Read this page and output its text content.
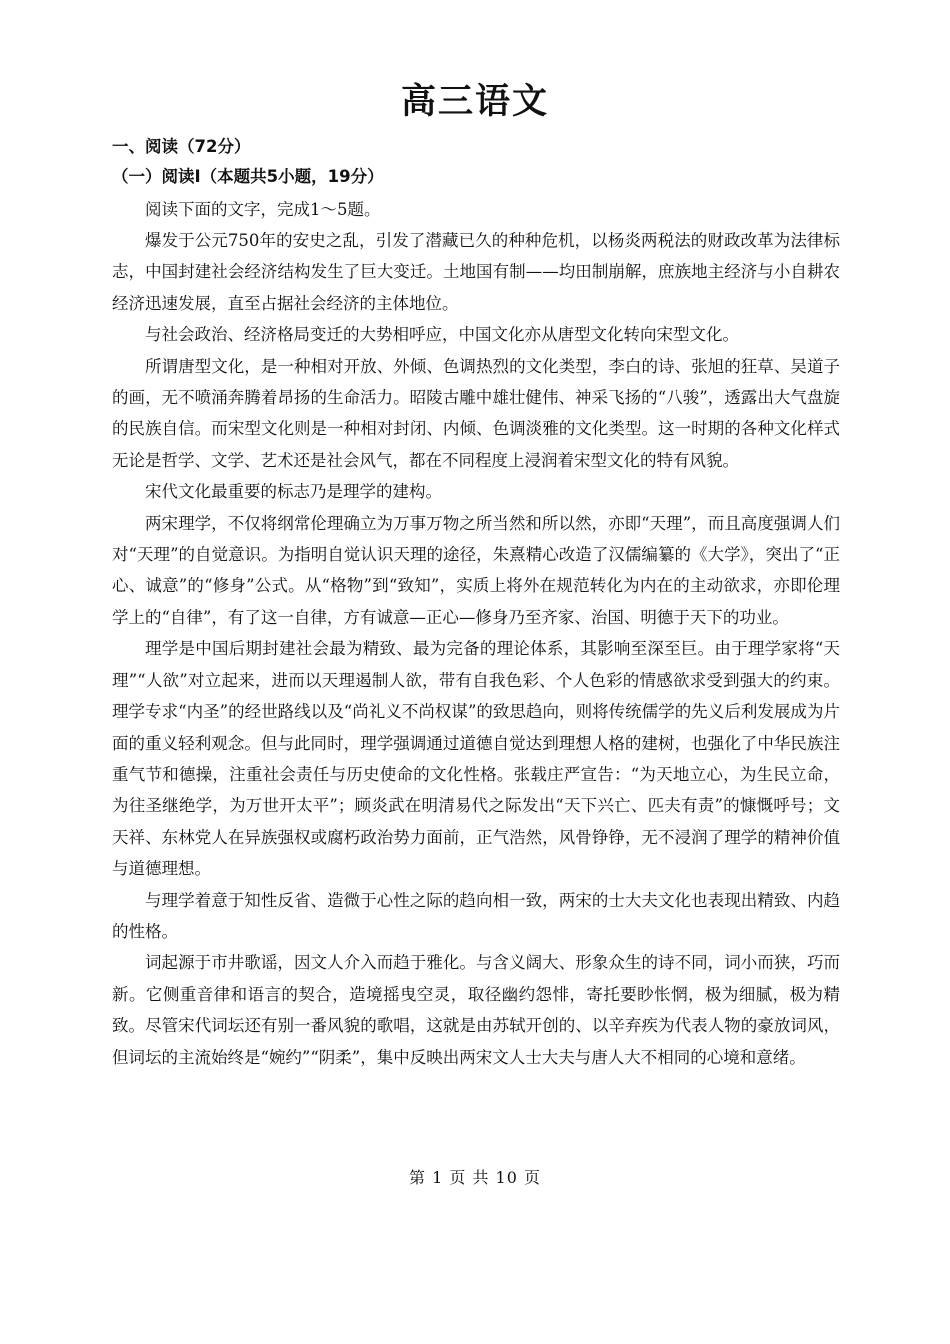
高三语文
一、阅读（72分）
（一）阅读I（本题共5小题，19分）
阅读下面的文字，完成1～5题。

爆发于公元750年的安史之乱，引发了潜藏已久的种种危机，以杨炎两税法的财政改革为法律标志，中国封建社会经济结构发生了巨大变迁。土地国有制——均田制崩解，庶族地主经济与小自耕农经济迅速发展，直至占据社会经济的主体地位。

与社会政治、经济格局变迁的大势相呼应，中国文化亦从唐型文化转向宋型文化。

所谓唐型文化，是一种相对开放、外倾、色调热烈的文化类型，李白的诗、张旭的狂草、吴道子的画，无不喷涌奔腾着昂扬的生命活力。昭陵古雕中雄壮健伟、神采飞扬的“八骏”，透露出大气盘旋的民族自信。而宋型文化则是一种相对封闭、内倾、色调淡雅的文化类型。这一时期的各种文化样式无论是哲学、文学、艺术还是社会风气，都在不同程度上浸润着宋型文化的特有风貌。

宋代文化最重要的标志乃是理学的建构。

两宋理学，不仅将纲常伦理确立为万事万物之所当然和所以然，亦即“天理”，而且高度强调人们对“天理”的自觉意识。为指明自觉认识天理的途径，朱熹精心改造了汉儒编纂的《大学》，突出了“正心、诚意”的“修身”公式。从“格物”到“致知”，实质上将外在规范转化为内在的主动欲求，亦即伦理学上的“自律”，有了这一自律，方有诚意—正心—修身乃至齐家、治国、明德于天下的功业。

理学是中国后期封建社会最为精致、最为完备的理论体系，其影响至深至巨。由于理学家将“天理”“人欲”对立起来，进而以天理遏制人欲，带有自我色彩、个人色彩的情感欲求受到强大的约束。理学专求“内圣”的经世路线以及“尚礼义不尚权谋”的致思趋向，则将传统儒学的先义后利发展成为片面的重义轻利观念。但与此同时，理学强调通过道德自觉达到理想人格的建树，也强化了中华民族注重气节和德操，注重社会责任与历史使命的文化性格。张载庄严宣告：“为天地立心，为生民立命，为往圣继绝学，为万世开太平”；顾炎武在明清易代之际发出“天下兴亡、匹夫有责”的慷慨呼号；文天祥、东林党人在异族强权或腐朽政治势力面前，正气浩然，风骨铮铮，无不浸润了理学的精神价值与道德理想。

与理学着意于知性反省、造微于心性之际的趋向相一致，两宋的士大夫文化也表现出精致、内趋的性格。

词起源于市井歌谣，因文人介入而趋于雅化。与含义阔大、形象众生的诗不同，词小而狭，巧而新。它侧重音律和语言的契合，造境摇曳空灵，取径幽约怨悱，寄托要眇怅惘，极为细腻，极为精致。尽管宋代词坛还有别一番风貌的歌唱，这就是由苏轼开创的、以辛弃疾为代表人物的豪放词风，但词坛的主流始终是“婉约”“阴柔”，集中反映出两宋文人士大夫与唐人大不相同的心境和意绪。

第 1 页 共 10 页
